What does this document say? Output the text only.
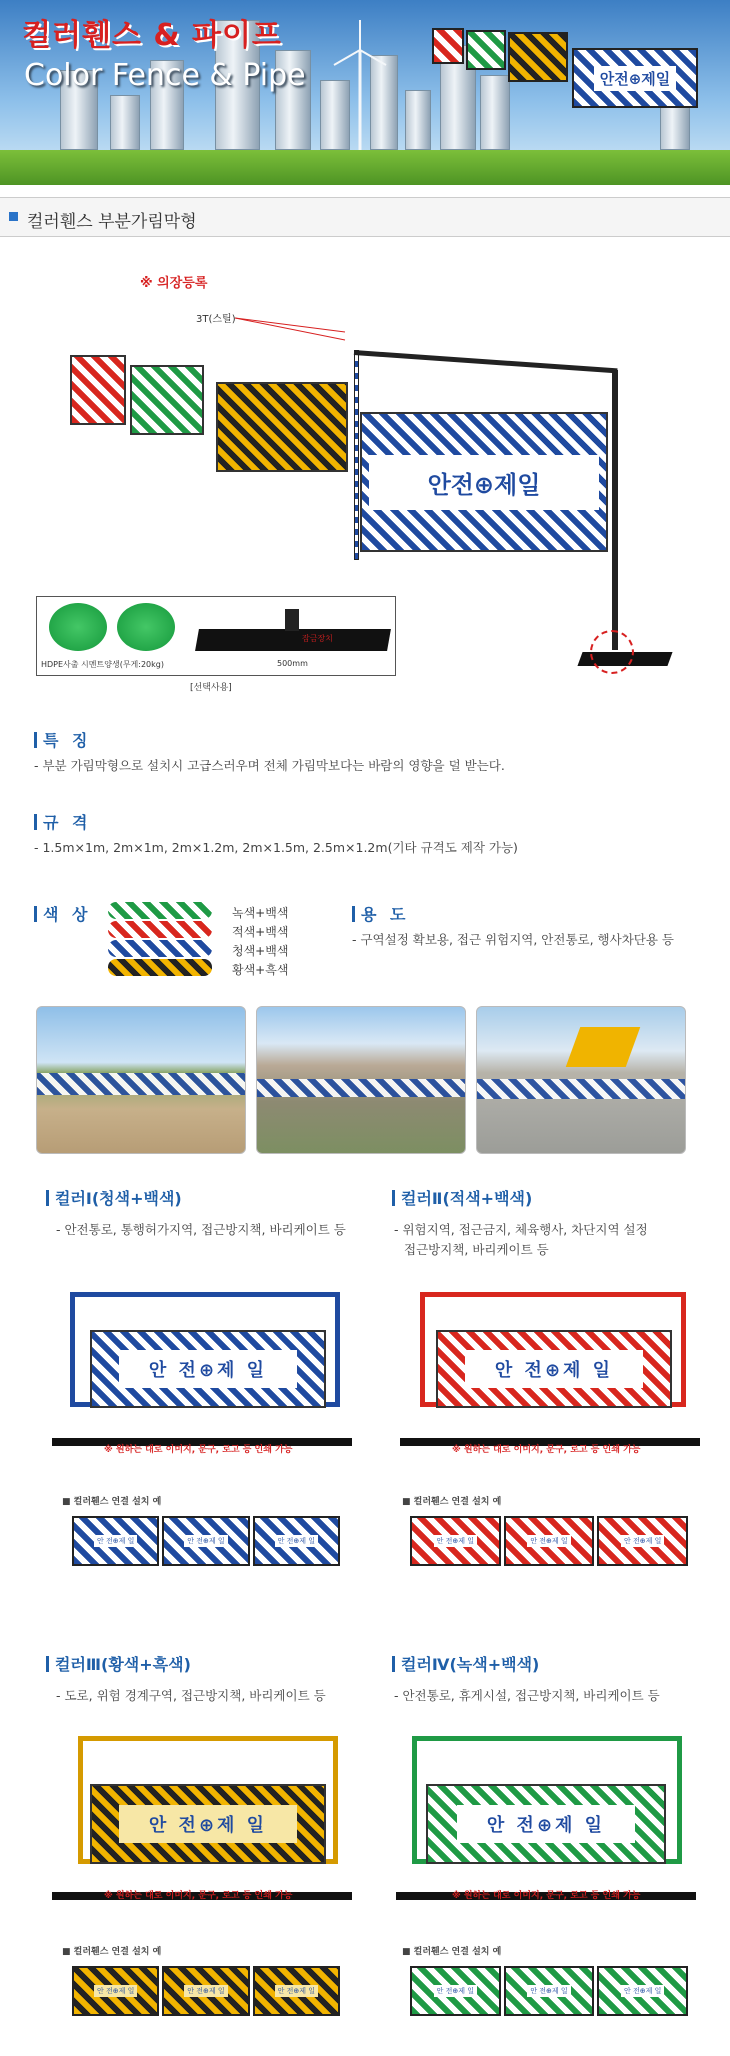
안전⊕제일
컬러휀스 & 파이프
Color Fence & Pipe
컬러휀스 부분가림막형
※ 의장등록
3T(스틸)
안전⊕제일
HDPE사출 시멘트양생(무게:20kg)
잠금장치
500mm
[선택사용]
특 징
- 부분 가림막형으로 설치시 고급스러우며 전체 가림막보다는 바람의 영향을 덜 받는다.
규 격
- 1.5m×1m, 2m×1m, 2m×1.2m, 2m×1.5m, 2.5m×1.2m(기타 규격도 제작 가능)
색 상	녹색+백색
적색+백색
청색+백색
황색+흑색
용 도
- 구역설정 확보용, 접근 위험지역, 안전통로, 행사차단용 등
컬러Ⅰ(청색+백색)
- 안전통로, 통행허가지역, 접근방지책, 바리케이트 등
안 전⊕제 일
※ 원하는 대로 이미지, 문구, 로고 등 인쇄 가능
■ 컬러휀스 연결 설치 예
안 전⊕제 일	안 전⊕제 일	안 전⊕제 일
컬러Ⅱ(적색+백색)
- 위험지역, 접근금지, 체육행사, 차단지역 설정
접근방지책, 바리케이트 등
안 전⊕제 일
※ 원하는 대로 이미지, 문구, 로고 등 인쇄 가능
■ 컬러휀스 연결 설치 예
안 전⊕제 일	안 전⊕제 일	안 전⊕제 일
컬러Ⅲ(황색+흑색)
- 도로, 위험 경계구역, 접근방지책, 바리케이트 등
안 전⊕제 일
※ 원하는 대로 이미지, 문구, 로고 등 인쇄 가능
■ 컬러휀스 연결 설치 예
안 전⊕제 일	안 전⊕제 일	안 전⊕제 일
컬러Ⅳ(녹색+백색)
- 안전통로, 휴게시설, 접근방지책, 바리케이트 등
안 전⊕제 일
※ 원하는 대로 이미지, 문구, 로고 등 인쇄 가능
■ 컬러휀스 연결 설치 예
안 전⊕제 일	안 전⊕제 일	안 전⊕제 일
